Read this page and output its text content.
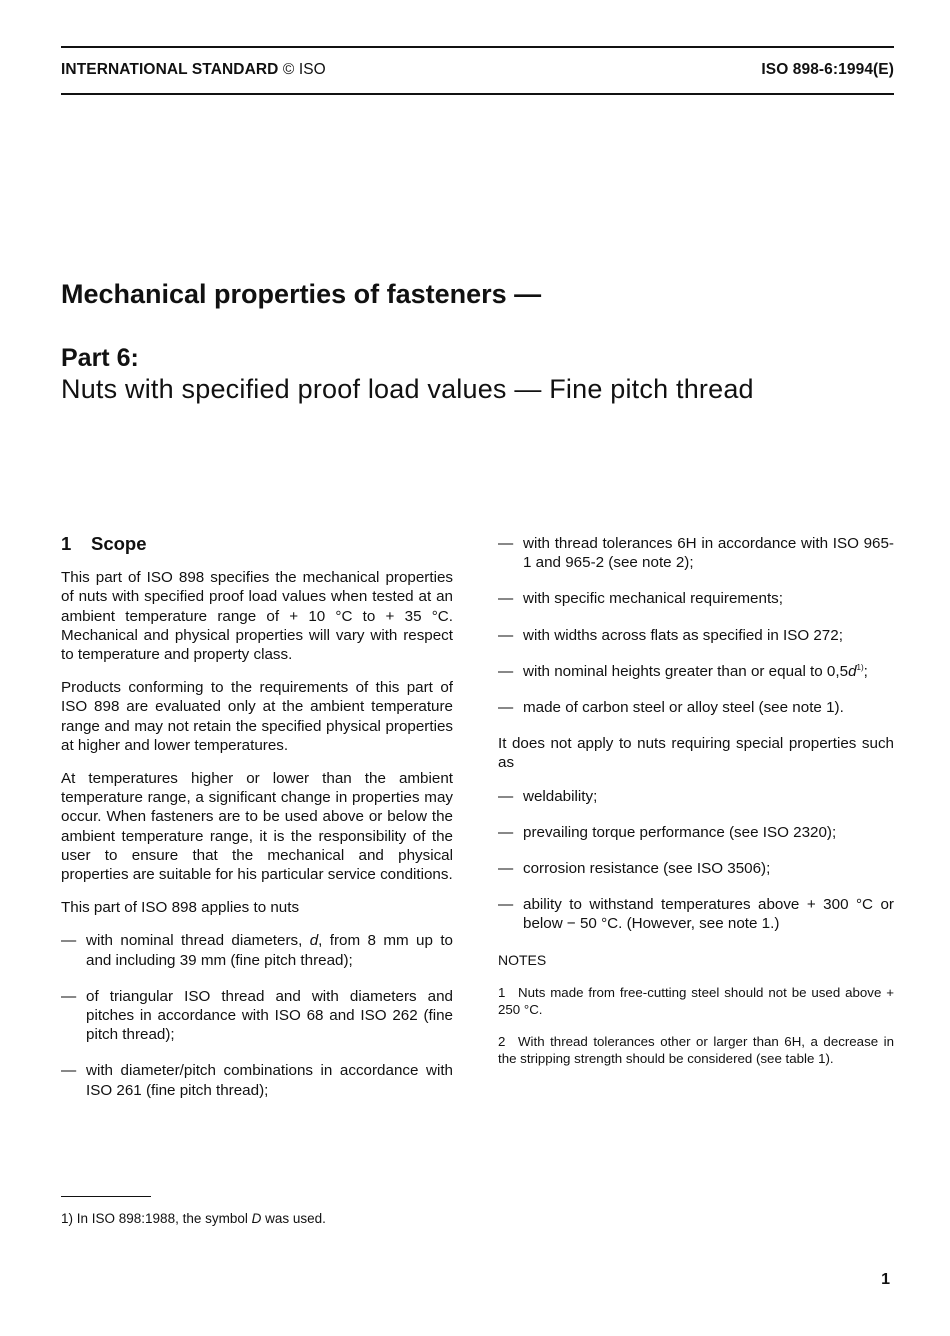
INTERNATIONAL STANDARD © ISO	ISO 898-6:1994(E)
Mechanical properties of fasteners —
Part 6:
Nuts with specified proof load values — Fine pitch thread
1 Scope

This part of ISO 898 specifies the mechanical properties of nuts with specified proof load values when tested at an ambient temperature range of + 10 °C to + 35 °C. Mechanical and physical properties will vary with respect to temperature and property class.

Products conforming to the requirements of this part of ISO 898 are evaluated only at the ambient temperature range and may not retain the specified physical properties at higher and lower temperatures.

At temperatures higher or lower than the ambient temperature range, a significant change in properties may occur. When fasteners are to be used above or below the ambient temperature range, it is the responsibility of the user to ensure that the mechanical and physical properties are suitable for his particular service conditions.

This part of ISO 898 applies to nuts

— with nominal thread diameters, d, from 8 mm up to and including 39 mm (fine pitch thread);
— of triangular ISO thread and with diameters and pitches in accordance with ISO 68 and ISO 262 (fine pitch thread);
— with diameter/pitch combinations in accordance with ISO 261 (fine pitch thread);
— with thread tolerances 6H in accordance with ISO 965-1 and 965-2 (see note 2);
— with specific mechanical requirements;
— with widths across flats as specified in ISO 272;
— with nominal heights greater than or equal to $0,5d^{1)}$;
— made of carbon steel or alloy steel (see note 1).

It does not apply to nuts requiring special properties such as

— weldability;
— prevailing torque performance (see ISO 2320);
— corrosion resistance (see ISO 3506);
— ability to withstand temperatures above + 300 °C or below − 50 °C. (However, see note 1.)
NOTES
1 Nuts made from free-cutting steel should not be used above + 250 °C.
2 With thread tolerances other or larger than 6H, a decrease in the stripping strength should be considered (see table 1).
1) In ISO 898:1988, the symbol D was used.
1
